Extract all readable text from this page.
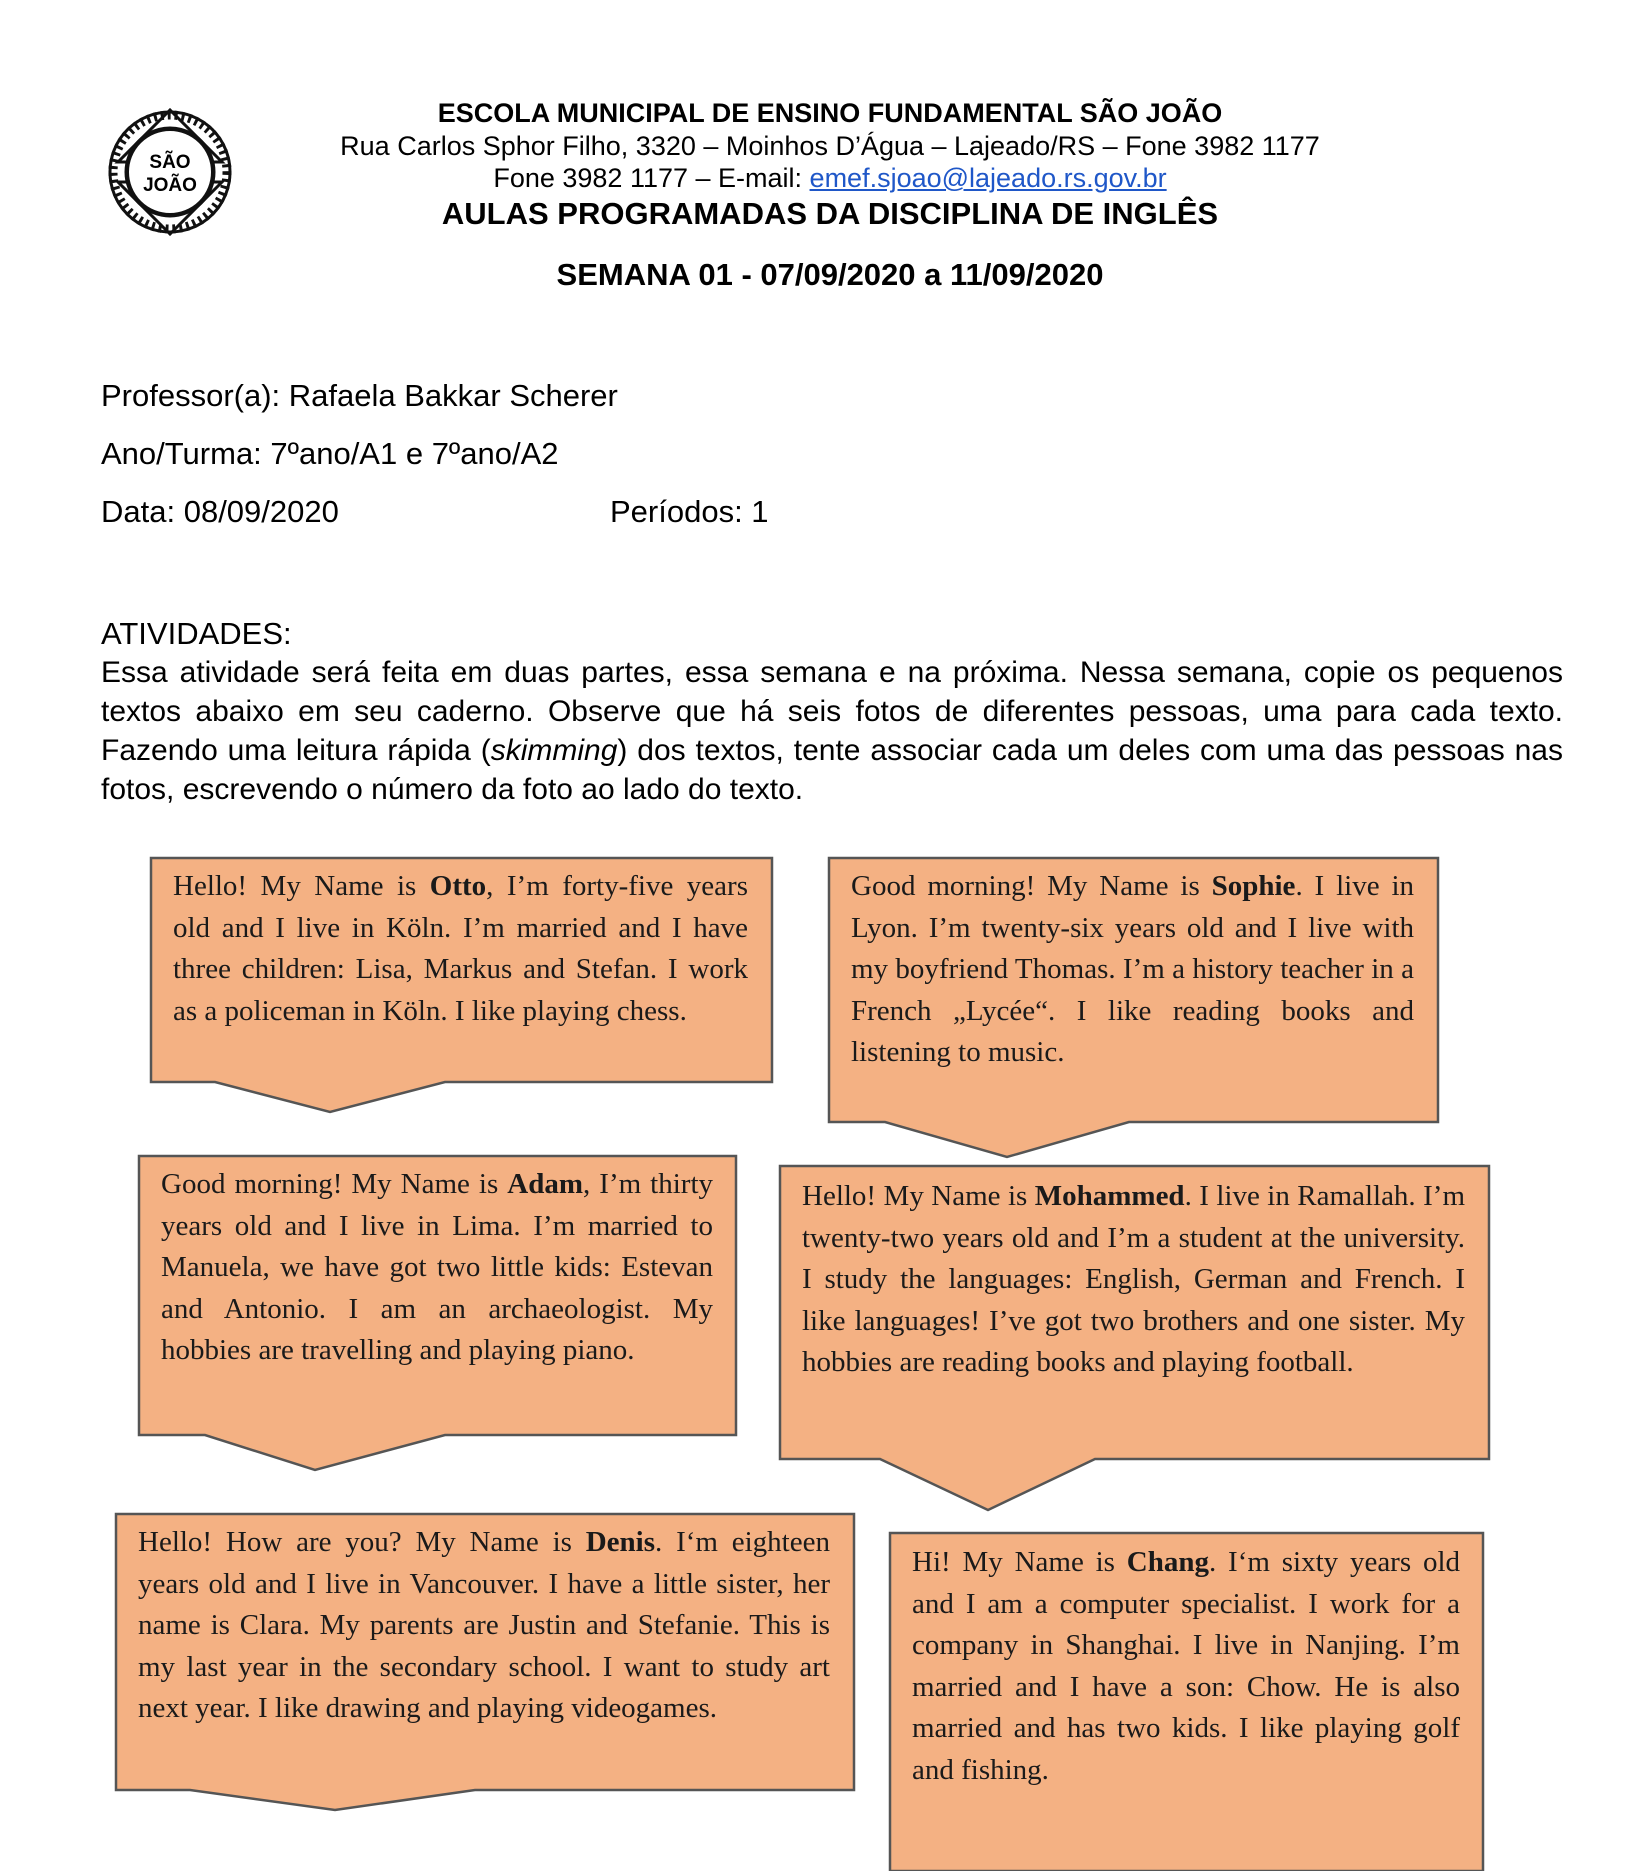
SÃO
JOÃO
ESCOLA MUNICIPAL DE ENSINO FUNDAMENTAL SÃO JOÃO
Rua Carlos Sphor Filho, 3320 – Moinhos D’Água – Lajeado/RS – Fone 3982 1177
Fone 3982 1177 – E-mail: emef.sjoao@lajeado.rs.gov.br
AULAS PROGRAMADAS DA DISCIPLINA DE INGLÊS
SEMANA 01 - 07/09/2020 a 11/09/2020
Professor(a): Rafaela Bakkar Scherer
Ano/Turma: 7ºano/A1 e 7ºano/A2
Data: 08/09/2020	Períodos: 1
ATIVIDADES:
Essa atividade será feita em duas partes, essa semana e na próxima. Nessa semana, copie os pequenos textos abaixo em seu caderno. Observe que há seis fotos de diferentes pessoas, uma para cada texto. Fazendo uma leitura rápida (skimming) dos textos, tente associar cada um deles com uma das pessoas nas fotos, escrevendo o número da foto ao lado do texto.
Hello! My Name is Otto, I’m forty-five years old and I live in Köln. I’m married and I have three children: Lisa, Markus and Stefan. I work as a policeman in Köln. I like playing chess.
Good morning! My Name is Sophie. I live in Lyon. I’m twenty-six years old and I live with my boyfriend Thomas. I’m a history teacher in a French „Lycée“. I like reading books and listening to music.
Good morning! My Name is Adam, I’m thirty years old and I live in Lima. I’m married to Manuela, we have got two little kids: Estevan and Antonio. I am an archaeologist. My hobbies are travelling and playing piano.
Hello! My Name is Mohammed. I live in Ramallah. I’m twenty-two years old and I’m a student at the university. I study the languages: English, German and French. I like languages! I’ve got two brothers and one sister. My hobbies are reading books and playing football.
Hello! How are you? My Name is Denis. I‘m eighteen years old and I live in Vancouver. I have a little sister, her name is Clara. My parents are Justin and Stefanie. This is my last year in the secondary school. I want to study art next year. I like drawing and playing videogames.
Hi! My Name is Chang. I‘m sixty years old and I am a computer specialist. I work for a company in Shanghai. I live in Nanjing. I’m married and I have a son: Chow. He is also married and has two kids. I like playing golf and fishing.
